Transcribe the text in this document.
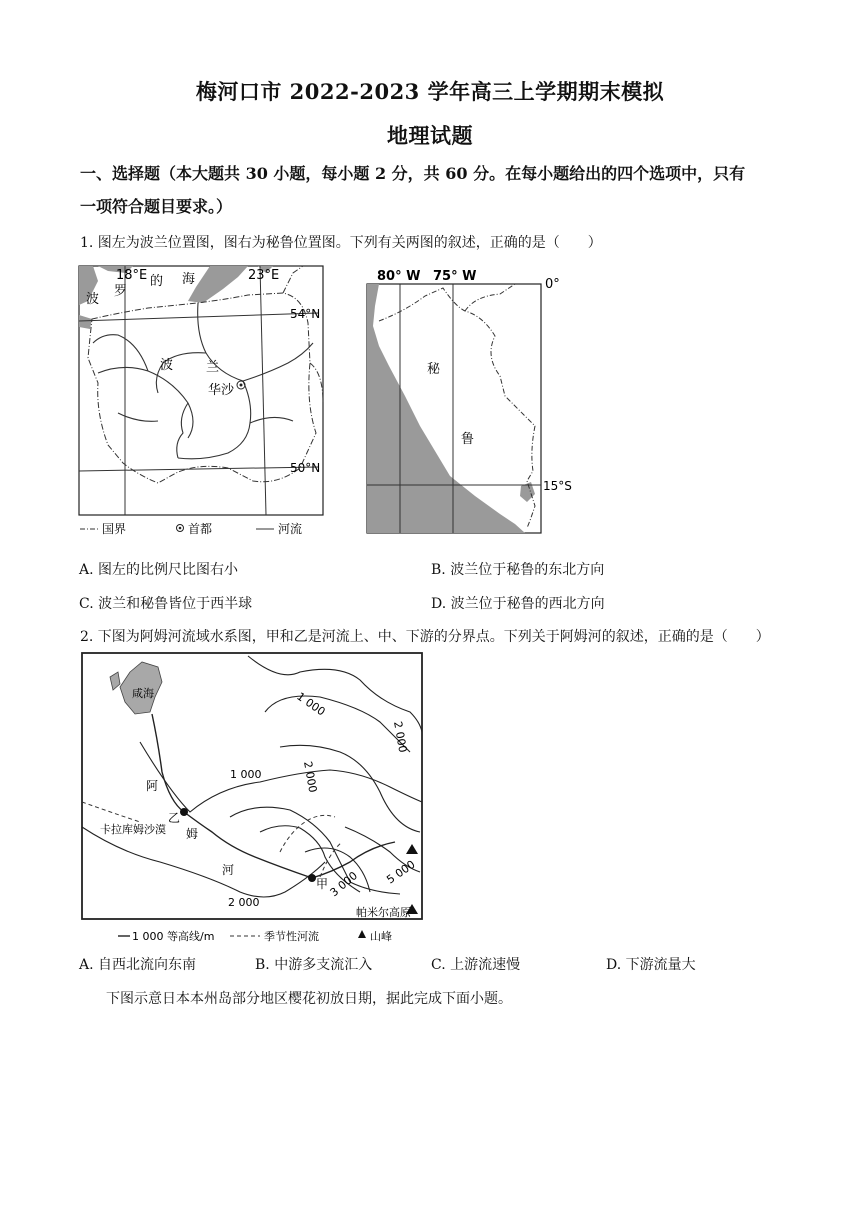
梅河口市 2022-2023 学年高三上学期期末模拟
地理试题
一、选择题（本大题共 30 小题，每小题 2 分，共 60 分。在每小题给出的四个选项中，只有
一项符合题目要求。）
1. 图左为波兰位置图，图右为秘鲁位置图。下列有关两图的叙述，正确的是（　　）
18°E	23°E
54°N
50°N
波
罗
的 海
波	兰
华沙
国界	首都	河流
80° W 75° W
0°
15°S
秘
鲁
A. 图左的比例尺比图右小	B. 波兰位于秘鲁的东北方向
C. 波兰和秘鲁皆位于西半球	D. 波兰位于秘鲁的西北方向
2. 下图为阿姆河流域水系图，甲和乙是河流上、中、下游的分界点。下列关于阿姆河的叙述，正确的是（　　）
咸海
阿
姆
河
卡拉库姆沙漠
帕米尔高原
甲
乙
1 000
1 000	2 000
2 000
2 000
3 000 5 000
1 000 等高线/m	季节性河流	山峰
A. 自西北流向东南	B. 中游多支流汇入	C. 上游流速慢	D. 下游流量大
下图示意日本本州岛部分地区樱花初放日期，据此完成下面小题。
